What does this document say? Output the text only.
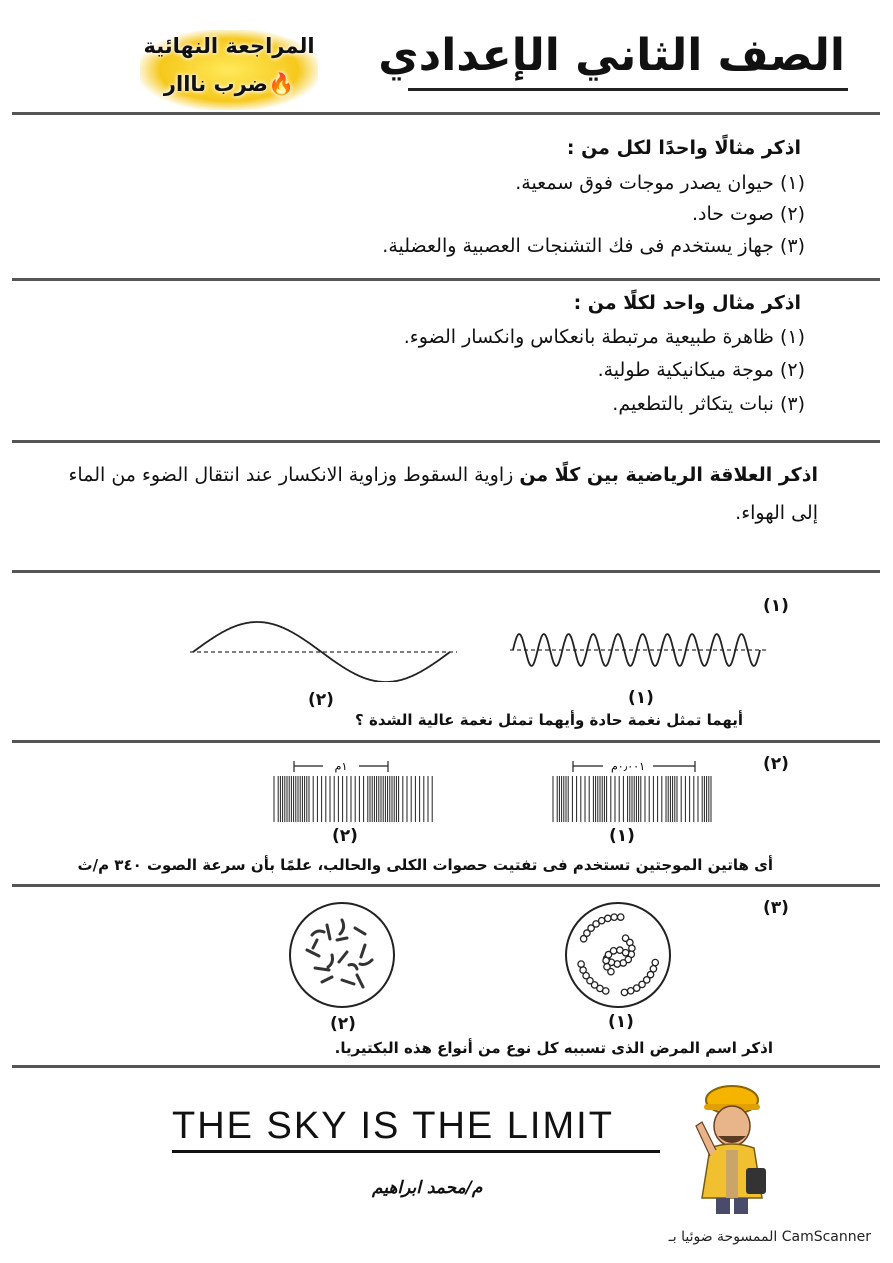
الصف الثاني الإعدادي
المراجعة النهائية
ضرب نااار🔥
اذكر مثالًا واحدًا لكل من :
(١) حيوان يصدر موجات فوق سمعية.
(٢) صوت حاد.
(٣) جهاز يستخدم فى فك التشنجات العصبية والعضلية.
اذكر مثال واحد لكلًا من :
(١) ظاهرة طبيعية مرتبطة بانعكاس وانكسار الضوء.
(٢) موجة ميكانيكية طولية.
(٣) نبات يتكاثر بالتطعيم.
اذكر العلاقة الرياضية بين كلًا من زاوية السقوط وزاوية الانكسار عند انتقال الضوء من الماء
إلى الهواء.
(١)
(١)
(٢)
أيهما تمثل نغمة حادة وأيهما تمثل نغمة عالية الشدة ؟
(٢)
٠٫٠٠١م
١م
(١)
(٢)
أى هاتين الموجتين تستخدم فى تفتيت حصوات الكلى والحالب، علمًا بأن سرعة الصوت ٣٤٠ م/ث
(٣)
(١)
(٢)
اذكر اسم المرض الذى تسببه كل نوع من أنواع هذه البكتيريا.
THE SKY IS THE LIMIT
م/محمد ابراهيم
الممسوحة ضوئيا بـ CamScanner
